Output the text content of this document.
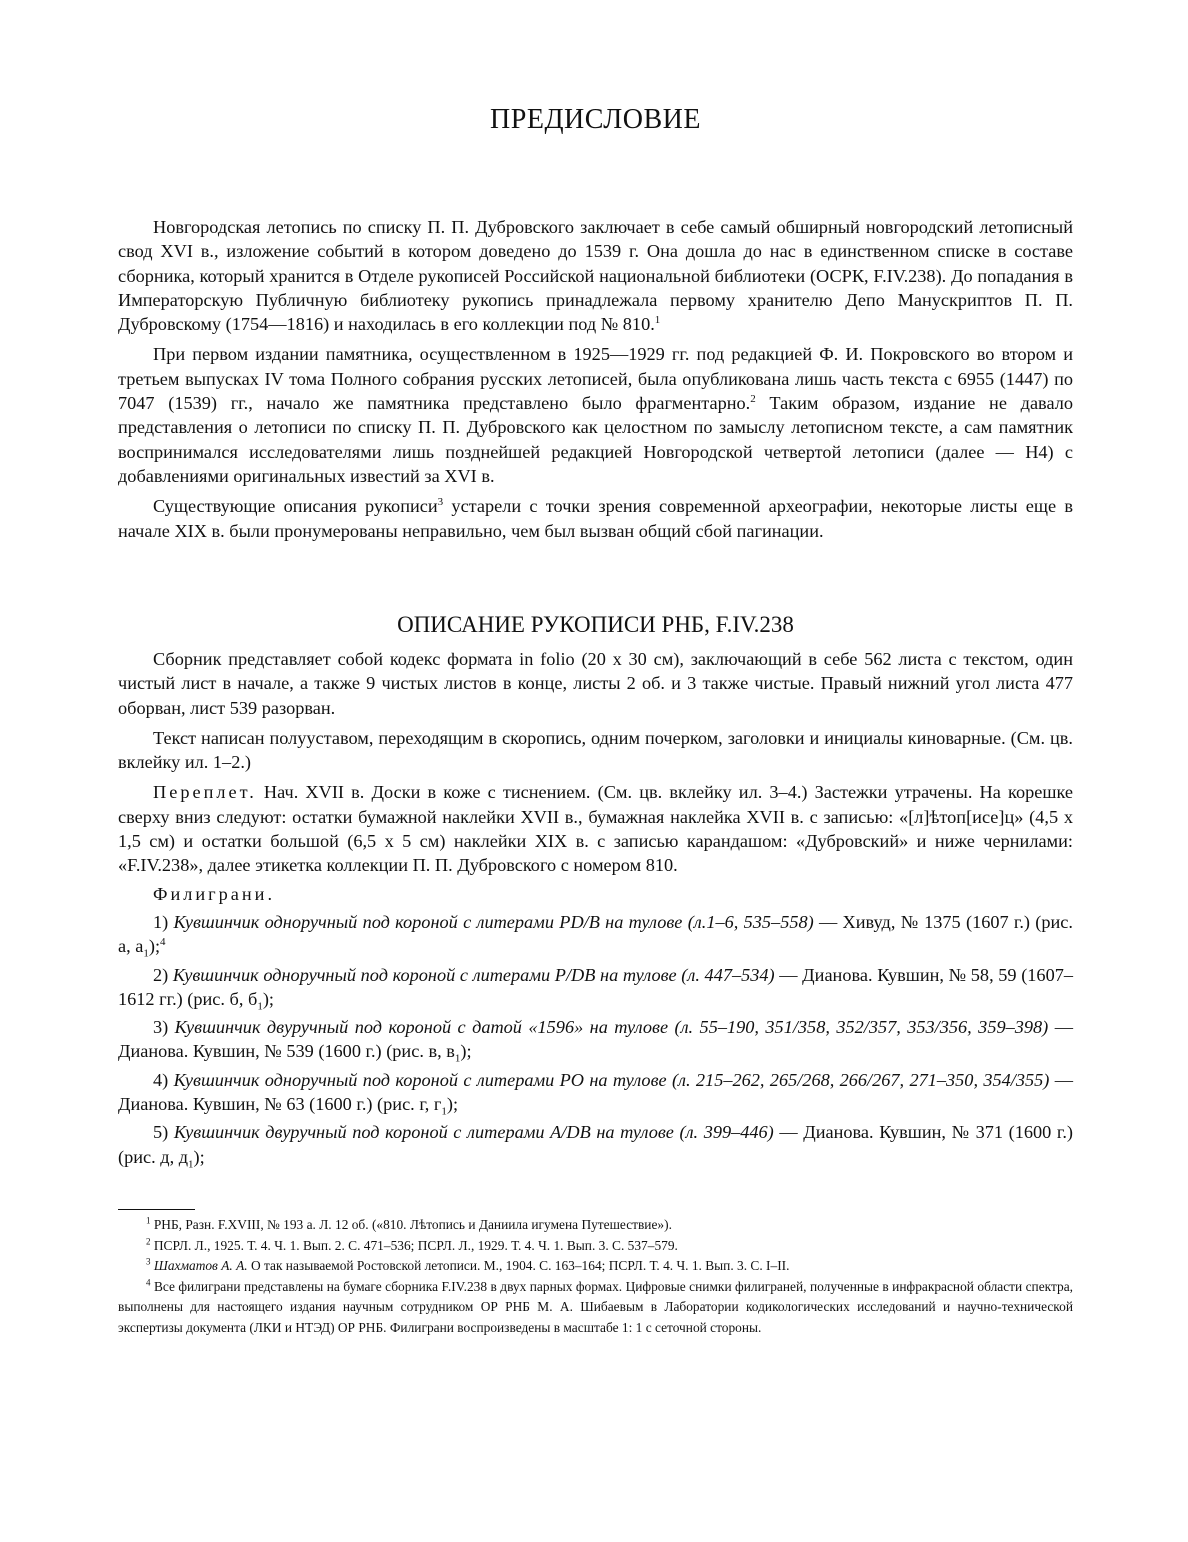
ПРЕДИСЛОВИЕ

Новгородская летопись по списку П. П. Дубровского заключает в себе самый обширный новгородский летописный свод XVI в., изложение событий в котором доведено до 1539 г. Она дошла до нас в единственном списке в составе сборника, который хранится в Отделе рукописей Российской национальной библиотеки (ОСРК, F.IV.238). До попадания в Императорскую Публичную библиотеку рукопись принадлежала первому хранителю Депо Манускриптов П. П. Дубровскому (1754—1816) и находилась в его коллекции под № 810.$^1$

При первом издании памятника, осуществленном в 1925—1929 гг. под редакцией Ф. И. Покровского во втором и третьем выпусках IV тома Полного собрания русских летописей, была опубликована лишь часть текста с 6955 (1447) по 7047 (1539) гг., начало же памятника представлено было фрагментарно.$^2$ Таким образом, издание не давало представления о летописи по списку П. П. Дубровского как целостном по замыслу летописном тексте, а сам памятник воспринимался исследователями лишь позднейшей редакцией Новгородской четвертой летописи (далее — Н4) с добавлениями оригинальных известий за XVI в.

Существующие описания рукописи$^3$ устарели с точки зрения современной археографии, некоторые листы еще в начале XIX в. были пронумерованы неправильно, чем был вызван общий сбой пагинации.

ОПИСАНИЕ РУКОПИСИ РНБ, F.IV.238

Сборник представляет собой кодекс формата in folio (20 х 30 см), заключающий в себе 562 листа с текстом, один чистый лист в начале, а также 9 чистых листов в конце, листы 2 об. и 3 также чистые. Правый нижний угол листа 477 оборван, лист 539 разорван.

Текст написан полууставом, переходящим в скоропись, одним почерком, заголовки и инициалы киноварные. (См. цв. вклейку ил. 1–2.)

Переплет. Нач. XVII в. Доски в коже с тиснением. (См. цв. вклейку ил. 3–4.) Застежки утрачены. На корешке сверху вниз следуют: остатки бумажной наклейки XVII в., бумажная наклейка XVII в. с записью: «[л]ѣтоп[исе]ц» (4,5 х 1,5 см) и остатки большой (6,5 х 5 см) наклейки XIX в. с записью карандашом: «Дубровский» и ниже чернилами: «F.IV.238», далее этикетка коллекции П. П. Дубровского с номером 810.

Филиграни.

1) Кувшинчик одноручный под короной с литерами PD/B на тулове (л.1–6, 535–558) — Хивуд, № 1375 (1607 г.) (рис. а, $а_1);^4$

2) Кувшинчик одноручный под короной с литерами P/DB на тулове (л. 447–534) — Дианова. Кувшин, № 58, 59 (1607–1612 гг.) (рис. б, $б_1$);

3) Кувшинчик двуручный под короной с датой «1596» на тулове (л. 55–190, 351/358, 352/357, 353/356, 359–398) — Дианова. Кувшин, № 539 (1600 г.) (рис. в, $в_1$);

4) Кувшинчик одноручный под короной с литерами PO на тулове (л. 215–262, 265/268, 266/267, 271–350, 354/355) — Дианова. Кувшин, № 63 (1600 г.) (рис. г, $г_1$);

5) Кувшинчик двуручный под короной с литерами A/DB на тулове (л. 399–446) — Дианова. Кувшин, № 371 (1600 г.) (рис. д, $д_1$);

$^1$ РНБ, Разн. F.XVIII, № 193 а. Л. 12 об. («810. Лѣтопись и Даниила игумена Путешествие»).

$^2$ ПСРЛ. Л., 1925. Т. 4. Ч. 1. Вып. 2. С. 471–536; ПСРЛ. Л., 1929. Т. 4. Ч. 1. Вып. 3. С. 537–579.

$^3$ Шахматов А. А. О так называемой Ростовской летописи. М., 1904. С. 163–164; ПСРЛ. Т. 4. Ч. 1. Вып. 3. С. I–II.

$^4$ Все филиграни представлены на бумаге сборника F.IV.238 в двух парных формах. Цифровые снимки филиграней, полученные в инфракрасной области спектра, выполнены для настоящего издания научным сотрудником ОР РНБ М. А. Шибаевым в Лаборатории кодикологических исследований и научно-технической экспертизы документа (ЛКИ и НТЭД) ОР РНБ. Филиграни воспроизведены в масштабе 1: 1 с сеточной стороны.
